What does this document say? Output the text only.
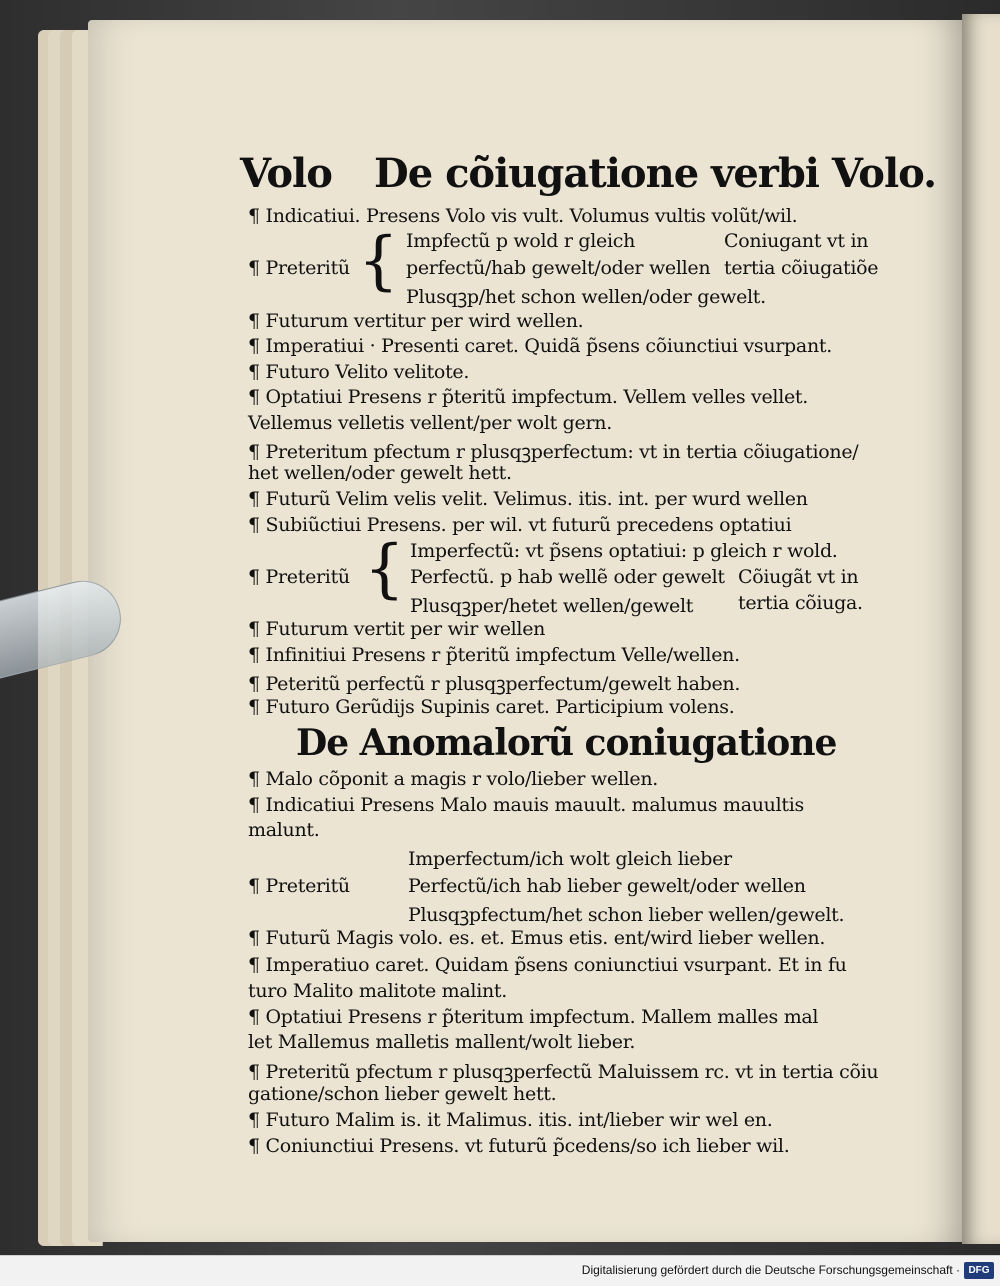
Volo De cõiugatione verbi Volo.
¶ Indicatiui. Presens Volo vis vult. Volumus vultis volũt/wil.
Impfectũ p wold r gleich	Coniugant vt in
¶ Preteritũ { perfectũ/hab gewelt/oder wellen tertia cõiugatiõe
Plusqꝫp/het schon wellen/oder gewelt.
¶ Futurum vertitur per wird wellen.
¶ Imperatiui · Presenti caret. Quidã p̃sens cõiunctiui vsurpant.
¶ Futuro Velito velitote.
¶ Optatiui Presens r p̃teritũ impfectum. Vellem velles vellet.
Vellemus velletis vellent/per wolt gern.
¶ Preteritum pfectum r plusqꝫperfectum: vt in tertia cõiugatione/
het wellen/oder gewelt hett.
¶ Futurũ Velim velis velit. Velimus. itis. int. per wurd wellen
¶ Subiũctiui Presens. per wil. vt futurũ precedens optatiui
Imperfectũ: vt p̃sens optatiui: p gleich r wold.
¶ Preteritũ { Perfectũ. p hab wellẽ oder gewelt Cõiugãt vt in
Plusqꝫper/hetet wellen/gewelt tertia cõiuga.
¶ Futurum vertit per wir wellen
¶ Infinitiui Presens r p̃teritũ impfectum Velle/wellen.
¶ Peteritũ perfectũ r plusqꝫperfectum/gewelt haben.
¶ Futuro Gerũdijs Supinis caret. Participium volens.
De Anomalorũ coniugatione
¶ Malo cõponit a magis r volo/lieber wellen.
¶ Indicatiui Presens Malo mauis mauult. malumus mauultis
malunt.
Imperfectum/ich wolt gleich lieber
¶ Preteritũ	Perfectũ/ich hab lieber gewelt/oder wellen
Plusqꝫpfectum/het schon lieber wellen/gewelt.
¶ Futurũ Magis volo. es. et. Emus etis. ent/wird lieber wellen.
¶ Imperatiuo caret. Quidam p̃sens coniunctiui vsurpant. Et in fu
turo Malito malitote malint.
¶ Optatiui Presens r p̃teritum impfectum. Mallem malles mal
let Mallemus malletis mallent/wolt lieber.
¶ Preteritũ pfectum r plusqꝫperfectũ Maluissem rc. vt in tertia cõiu
gatione/schon lieber gewelt hett.
¶ Futuro Malim is. it Malimus. itis. int/lieber wir wel en.
¶ Coniunctiui Presens. vt futurũ p̃cedens/so ich lieber wil.
Digitalisierung gefördert durch die Deutsche Forschungsgemeinschaft · DFG
